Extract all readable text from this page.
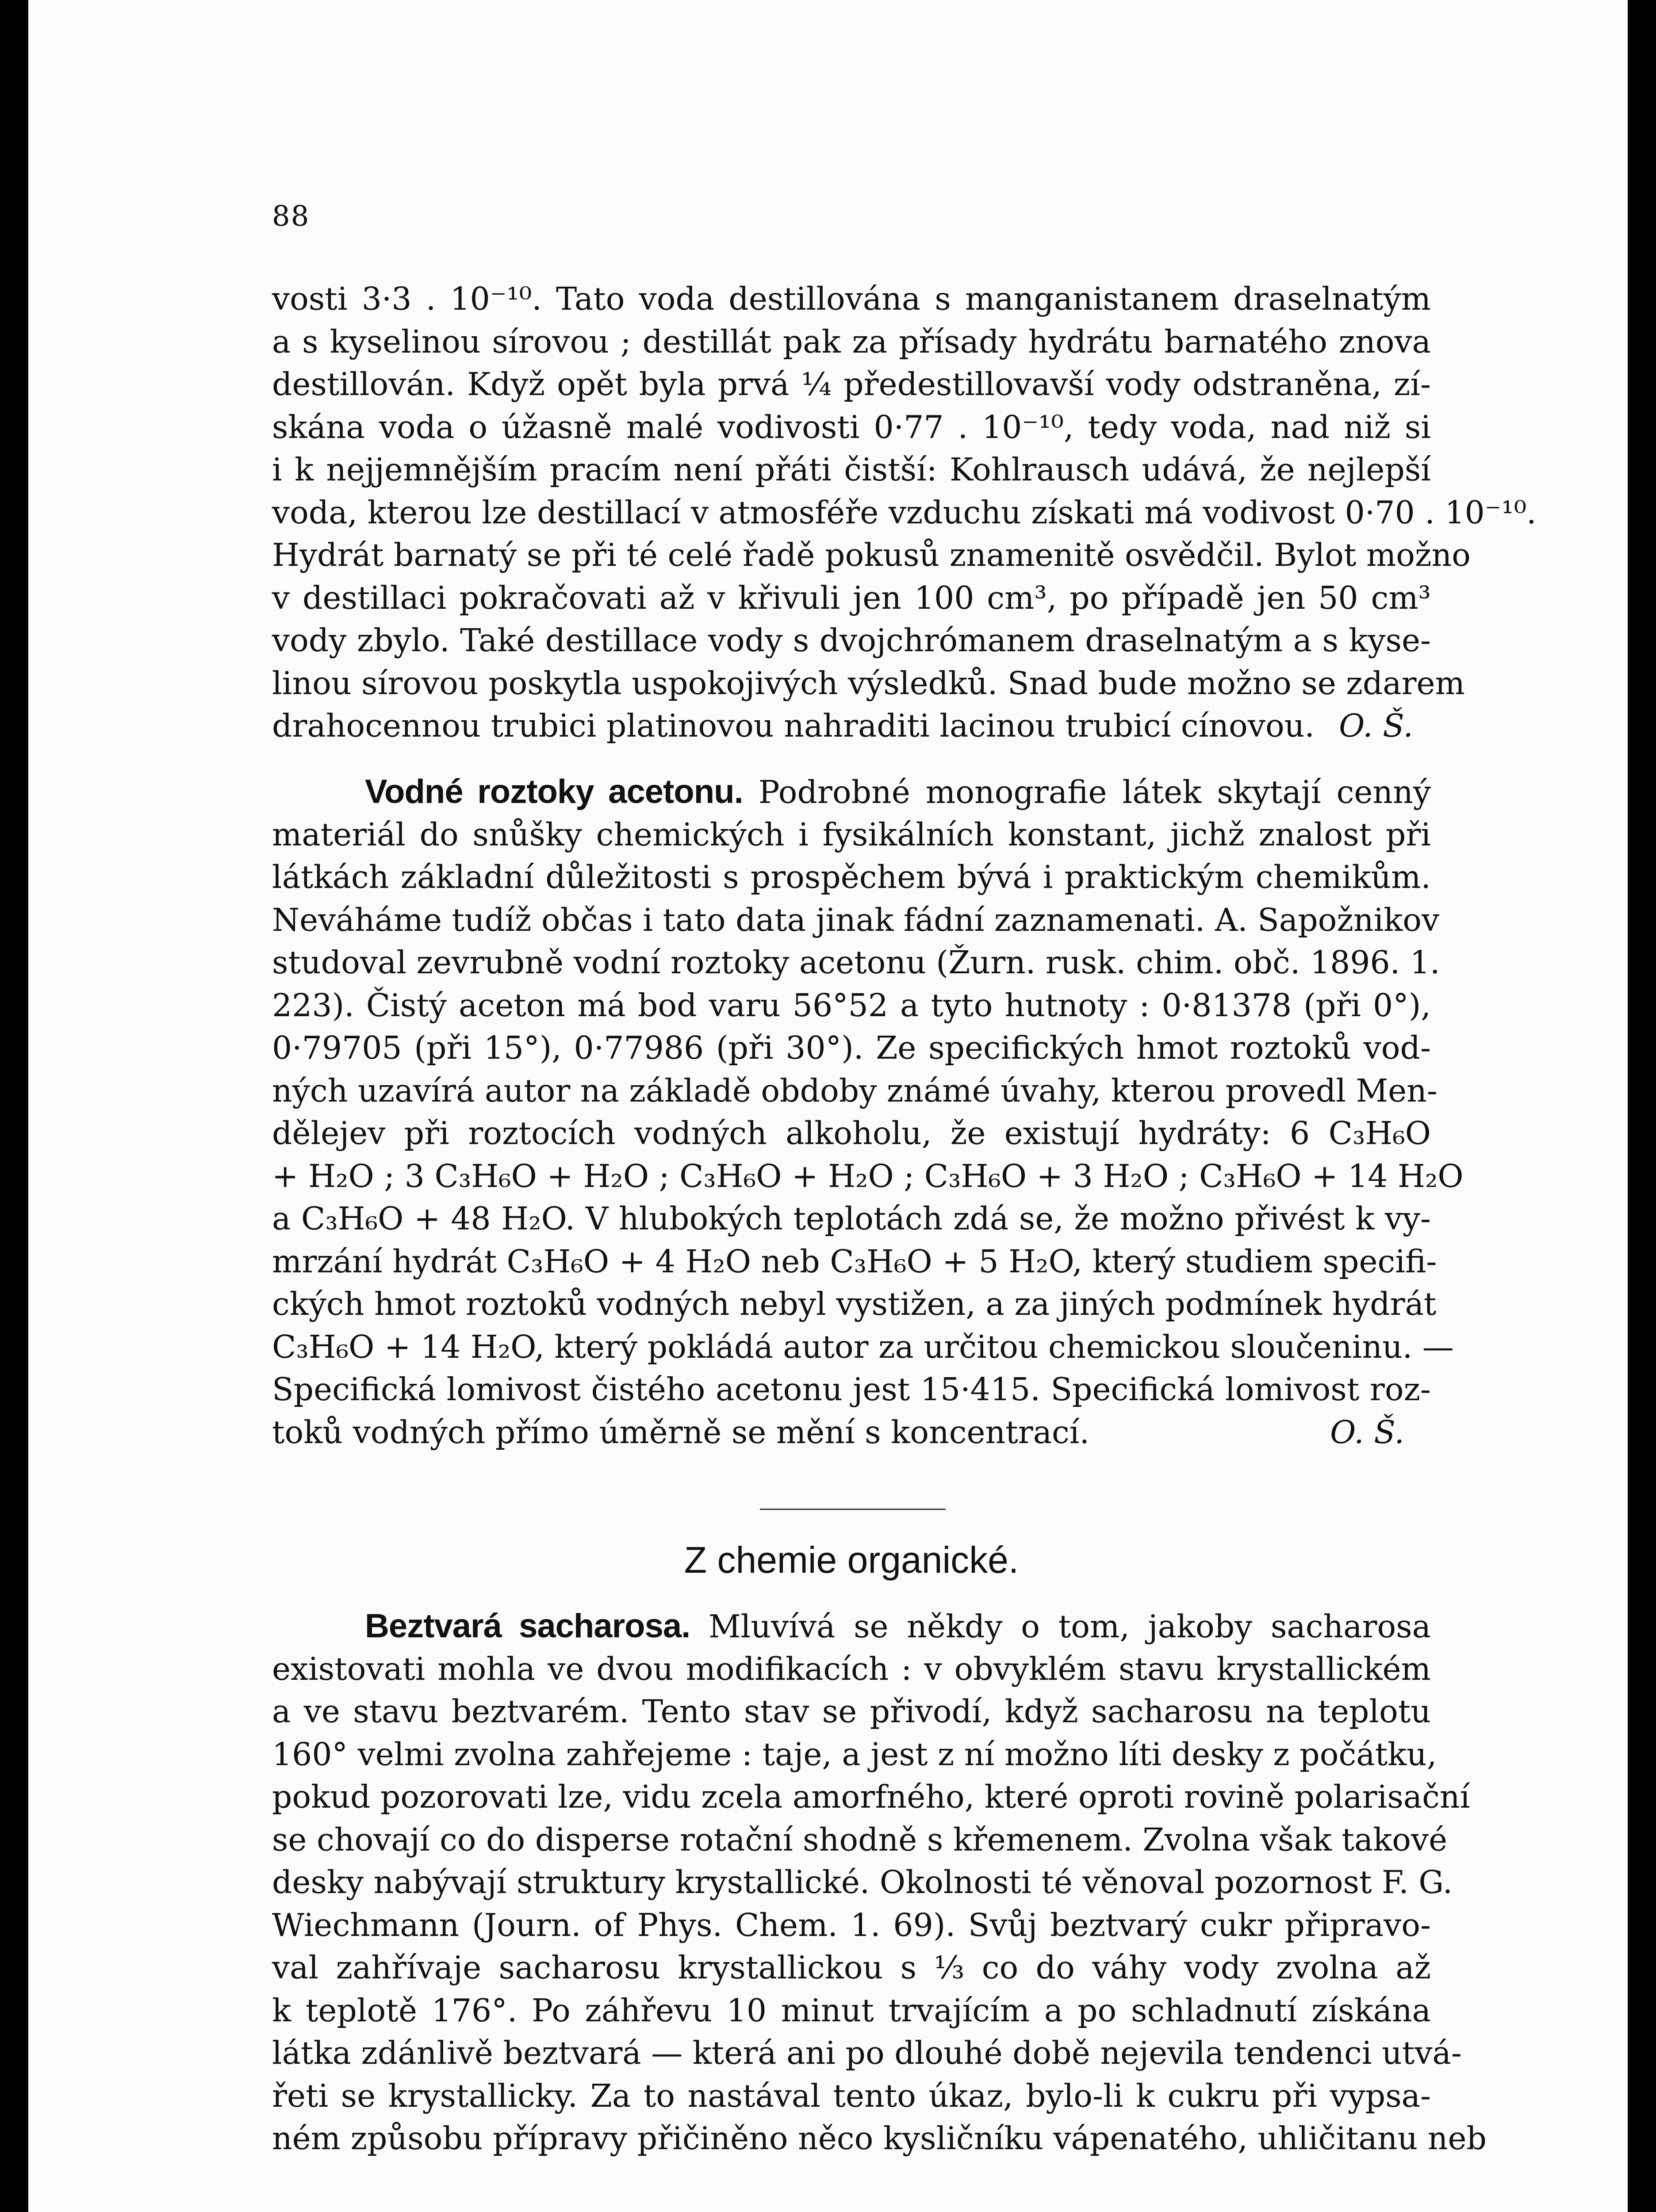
88
vosti 3·3 . 10⁻¹⁰. Tato voda destillována s manganistanem draselnatým
a s kyselinou sírovou ; destillát pak za přísady hydrátu barnatého znova
destillován. Když opět byla prvá ¹⁄₄ předestillovavší vody odstraněna, zí-
skána voda o úžasně malé vodivosti 0·77 . 10⁻¹⁰, tedy voda, nad niž si
i k nejjemnějším pracím není přáti čistší: Kohlrausch udává, že nejlepší
voda, kterou lze destillací v atmosféře vzduchu získati má vodivost 0·70 . 10⁻¹⁰.
Hydrát barnatý se při té celé řadě pokusů znamenitě osvědčil. Bylot možno
v destillaci pokračovati až v křivuli jen 100 cm³, po případě jen 50 cm³
vody zbylo. Také destillace vody s dvojchrómanem draselnatým a s kyse-
linou sírovou poskytla uspokojivých výsledků. Snad bude možno se zdarem
drahocennou trubici platinovou nahraditi lacinou trubicí cínovou. O. Š.
Vodné roztoky acetonu. Podrobné monografie látek skytají cenný
materiál do snůšky chemických i fysikálních konstant, jichž znalost při
látkách základní důležitosti s prospěchem bývá i praktickým chemikům.
Neváháme tudíž občas i tato data jinak fádní zaznamenati. A. Sapožnikov
studoval zevrubně vodní roztoky acetonu (Žurn. rusk. chim. obč. 1896. 1.
223). Čistý aceton má bod varu 56°52 a tyto hutnoty : 0·81378 (při 0°),
0·79705 (při 15°), 0·77986 (při 30°). Ze specifických hmot roztoků vod-
ných uzavírá autor na základě obdoby známé úvahy, kterou provedl Men-
dělejev při roztocích vodných alkoholu, že existují hydráty: 6 C₃H₆O
+ H₂O ; 3 C₃H₆O + H₂O ; C₃H₆O + H₂O ; C₃H₆O + 3 H₂O ; C₃H₆O + 14 H₂O
a C₃H₆O + 48 H₂O. V hlubokých teplotách zdá se, že možno přivést k vy-
mrzání hydrát C₃H₆O + 4 H₂O neb C₃H₆O + 5 H₂O, který studiem specifi-
ckých hmot roztoků vodných nebyl vystižen, a za jiných podmínek hydrát
C₃H₆O + 14 H₂O, který pokládá autor za určitou chemickou sloučeninu. —
Specifická lomivost čistého acetonu jest 15·415. Specifická lomivost roz-
toků vodných přímo úměrně se mění s koncentrací.	O. Š.
Z chemie organické.
Beztvará sacharosa. Mluvívá se někdy o tom, jakoby sacharosa
existovati mohla ve dvou modifikacích : v obvyklém stavu krystallickém
a ve stavu beztvarém. Tento stav se přivodí, když sacharosu na teplotu
160° velmi zvolna zahřejeme : taje, a jest z ní možno líti desky z počátku,
pokud pozorovati lze, vidu zcela amorfného, které oproti rovině polarisační
se chovají co do disperse rotační shodně s křemenem. Zvolna však takové
desky nabývají struktury krystallické. Okolnosti té věnoval pozornost F. G.
Wiechmann (Journ. of Phys. Chem. 1. 69). Svůj beztvarý cukr připravo-
val zahřívaje sacharosu krystallickou s ¹⁄₃ co do váhy vody zvolna až
k teplotě 176°. Po záhřevu 10 minut trvajícím a po schladnutí získána
látka zdánlivě beztvará — která ani po dlouhé době nejevila tendenci utvá-
řeti se krystallicky. Za to nastával tento úkaz, bylo-li k cukru při vypsa-
ném způsobu přípravy přičiněno něco kysličníku vápenatého, uhličitanu neb
